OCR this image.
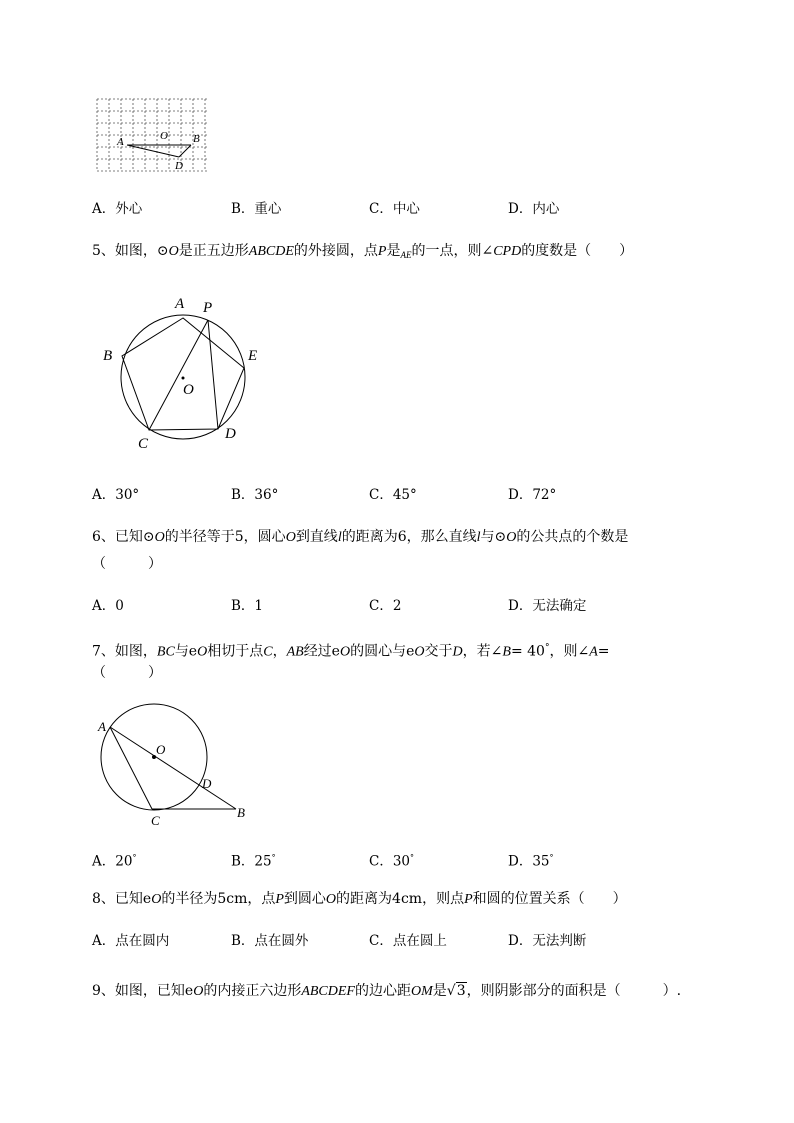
A	O B
D
A．外心	B．重心	C．中心	D．内心
5、如图，⊙O是正五边形ABCDE的外接圆，点P是$_{AE}$的一点，则∠CPD的度数是（　　）
A P
B	E
O
C
D
A．30°	B．36°	C．45°	D．72°
6、已知⊙O的半径等于5，圆心O到直线l的距离为6，那么直线l与⊙O的公共点的个数是
（　　　）
A．0	B．1	C．2	D．无法确定
7、如图，BC与eO相切于点C，AB经过eO的圆心与eO交于D，若∠B= 40°，则∠A=
（　　　）
A
O
D
B
C
A．20°	B．25°	C．30°	D．35°
8、已知eO的半径为5cm，点P到圆心O的距离为4cm，则点P和圆的位置关系（　　）
A．点在圆内	B．点在圆外	C．点在圆上	D．无法判断
9、如图，已知eO的内接正六边形ABCDEF的边心距OM是√3，则阴影部分的面积是（　　　）.
